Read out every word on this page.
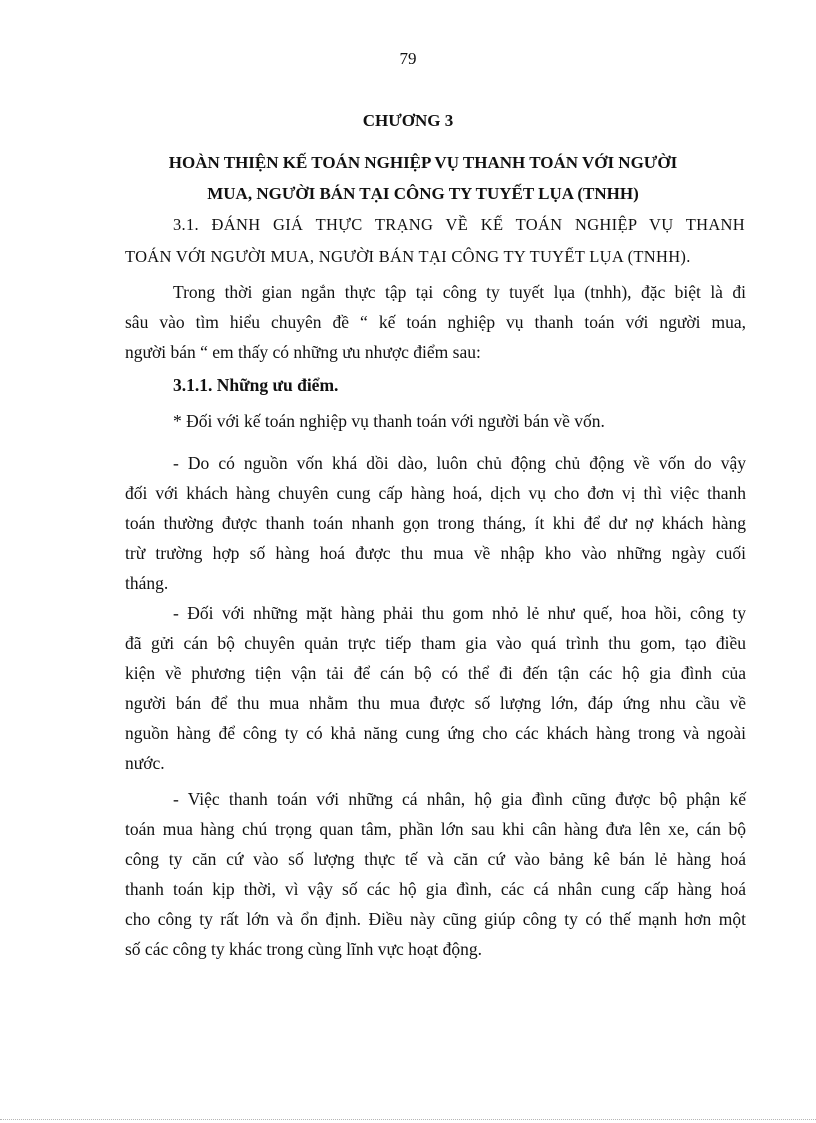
79
CHƯƠNG 3
HOÀN THIỆN KẾ TOÁN NGHIỆP VỤ THANH TOÁN VỚI NGƯỜI
MUA, NGƯỜI BÁN TẠI CÔNG TY TUYẾT LỤA (TNHH)
3.1. ĐÁNH GIÁ THỰC TRẠNG VỀ KẾ TOÁN NGHIỆP VỤ THANH
TOÁN VỚI NGƯỜI MUA, NGƯỜI BÁN TẠI CÔNG TY TUYẾT LỤA (TNHH).
Trong thời gian ngắn thực tập tại công ty tuyết lụa (tnhh), đặc biệt là đi
sâu vào tìm hiểu chuyên đề “ kế toán nghiệp vụ thanh toán với người mua,
người bán “ em thấy có những ưu nhược điểm sau:
3.1.1. Những ưu điểm.
* Đối với kế toán nghiệp vụ thanh toán với người bán về vốn.
- Do có nguồn vốn khá dồi dào, luôn chủ động chủ động về vốn do vậy
đối với khách hàng chuyên cung cấp hàng hoá, dịch vụ cho đơn vị thì việc thanh
toán thường được thanh toán nhanh gọn trong tháng, ít khi để dư nợ khách hàng
trừ trường hợp số hàng hoá được thu mua về nhập kho vào những ngày cuối
tháng.
- Đối với những mặt hàng phải thu gom nhỏ lẻ như quế, hoa hồi, công ty
đã gửi cán bộ chuyên quản trực tiếp tham gia vào quá trình thu gom, tạo điều
kiện về phương tiện vận tải để cán bộ có thể đi đến tận các hộ gia đình của
người bán để thu mua nhằm thu mua được số lượng lớn, đáp ứng nhu cầu về
nguồn hàng để công ty có khả năng cung ứng cho các khách hàng trong và ngoài
nước.
- Việc thanh toán với những cá nhân, hộ gia đình cũng được bộ phận kế
toán mua hàng chú trọng quan tâm, phần lớn sau khi cân hàng đưa lên xe, cán bộ
công ty căn cứ vào số lượng thực tế và căn cứ vào bảng kê bán lẻ hàng hoá
thanh toán kịp thời, vì vậy số các hộ gia đình, các cá nhân cung cấp hàng hoá
cho công ty rất lớn và ổn định. Điều này cũng giúp công ty có thế mạnh hơn một
số các công ty khác trong cùng lĩnh vực hoạt động.
